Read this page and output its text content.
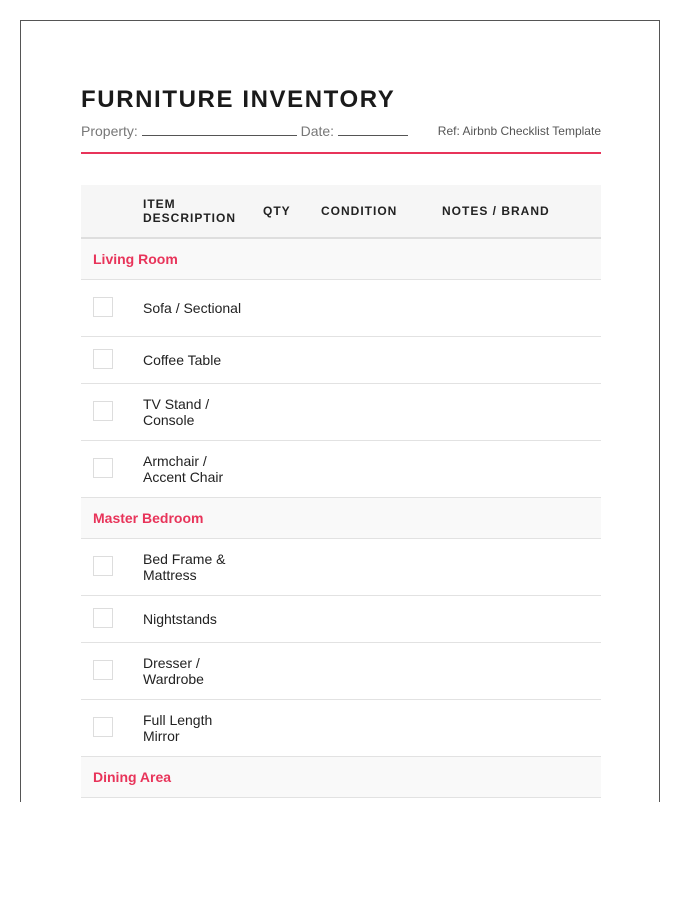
FURNITURE INVENTORY
Property:	Date:	Ref: Airbnb Checklist Template
ITEM DESCRIPTION	QTY	CONDITION	NOTES / BRAND
Living Room
Sofa / Sectional
Coffee Table
TV Stand / Console
Armchair / Accent Chair
Master Bedroom
Bed Frame & Mattress
Nightstands
Dresser / Wardrobe
Full Length Mirror
Dining Area
